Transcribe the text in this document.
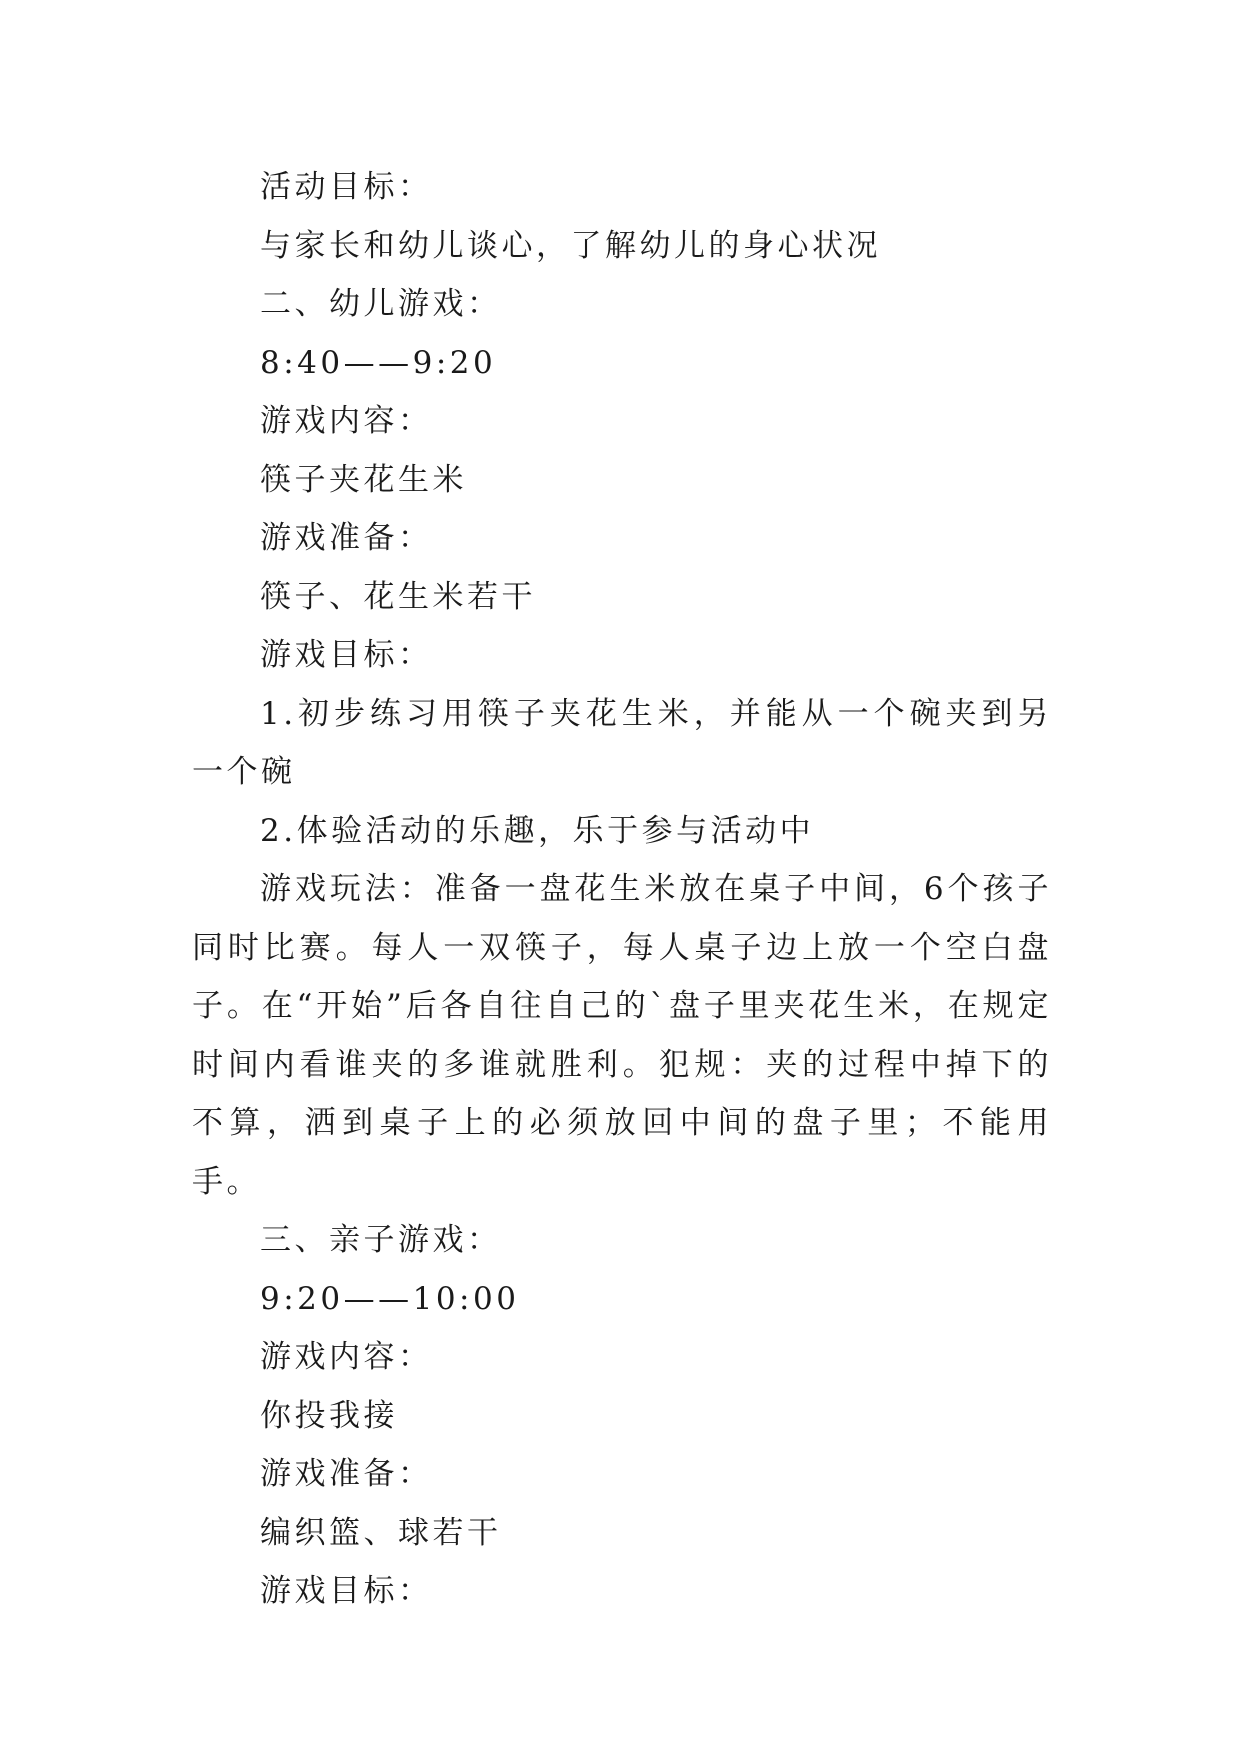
活动目标：

与家长和幼儿谈心，了解幼儿的身心状况

二、幼儿游戏：

8:40——9:20

游戏内容：

筷子夹花生米

游戏准备：

筷子、花生米若干

游戏目标：

1.初步练习用筷子夹花生米，并能从一个碗夹到另一个碗

2.体验活动的乐趣，乐于参与活动中

游戏玩法：准备一盘花生米放在桌子中间，6个孩子同时比赛。每人一双筷子，每人桌子边上放一个空白盘子。在“开始”后各自往自己的`盘子里夹花生米，在规定时间内看谁夹的多谁就胜利。犯规：夹的过程中掉下的不算，洒到桌子上的必须放回中间的盘子里；不能用手。

三、亲子游戏：

9:20——10:00

游戏内容：

你投我接

游戏准备：

编织篮、球若干

游戏目标：
